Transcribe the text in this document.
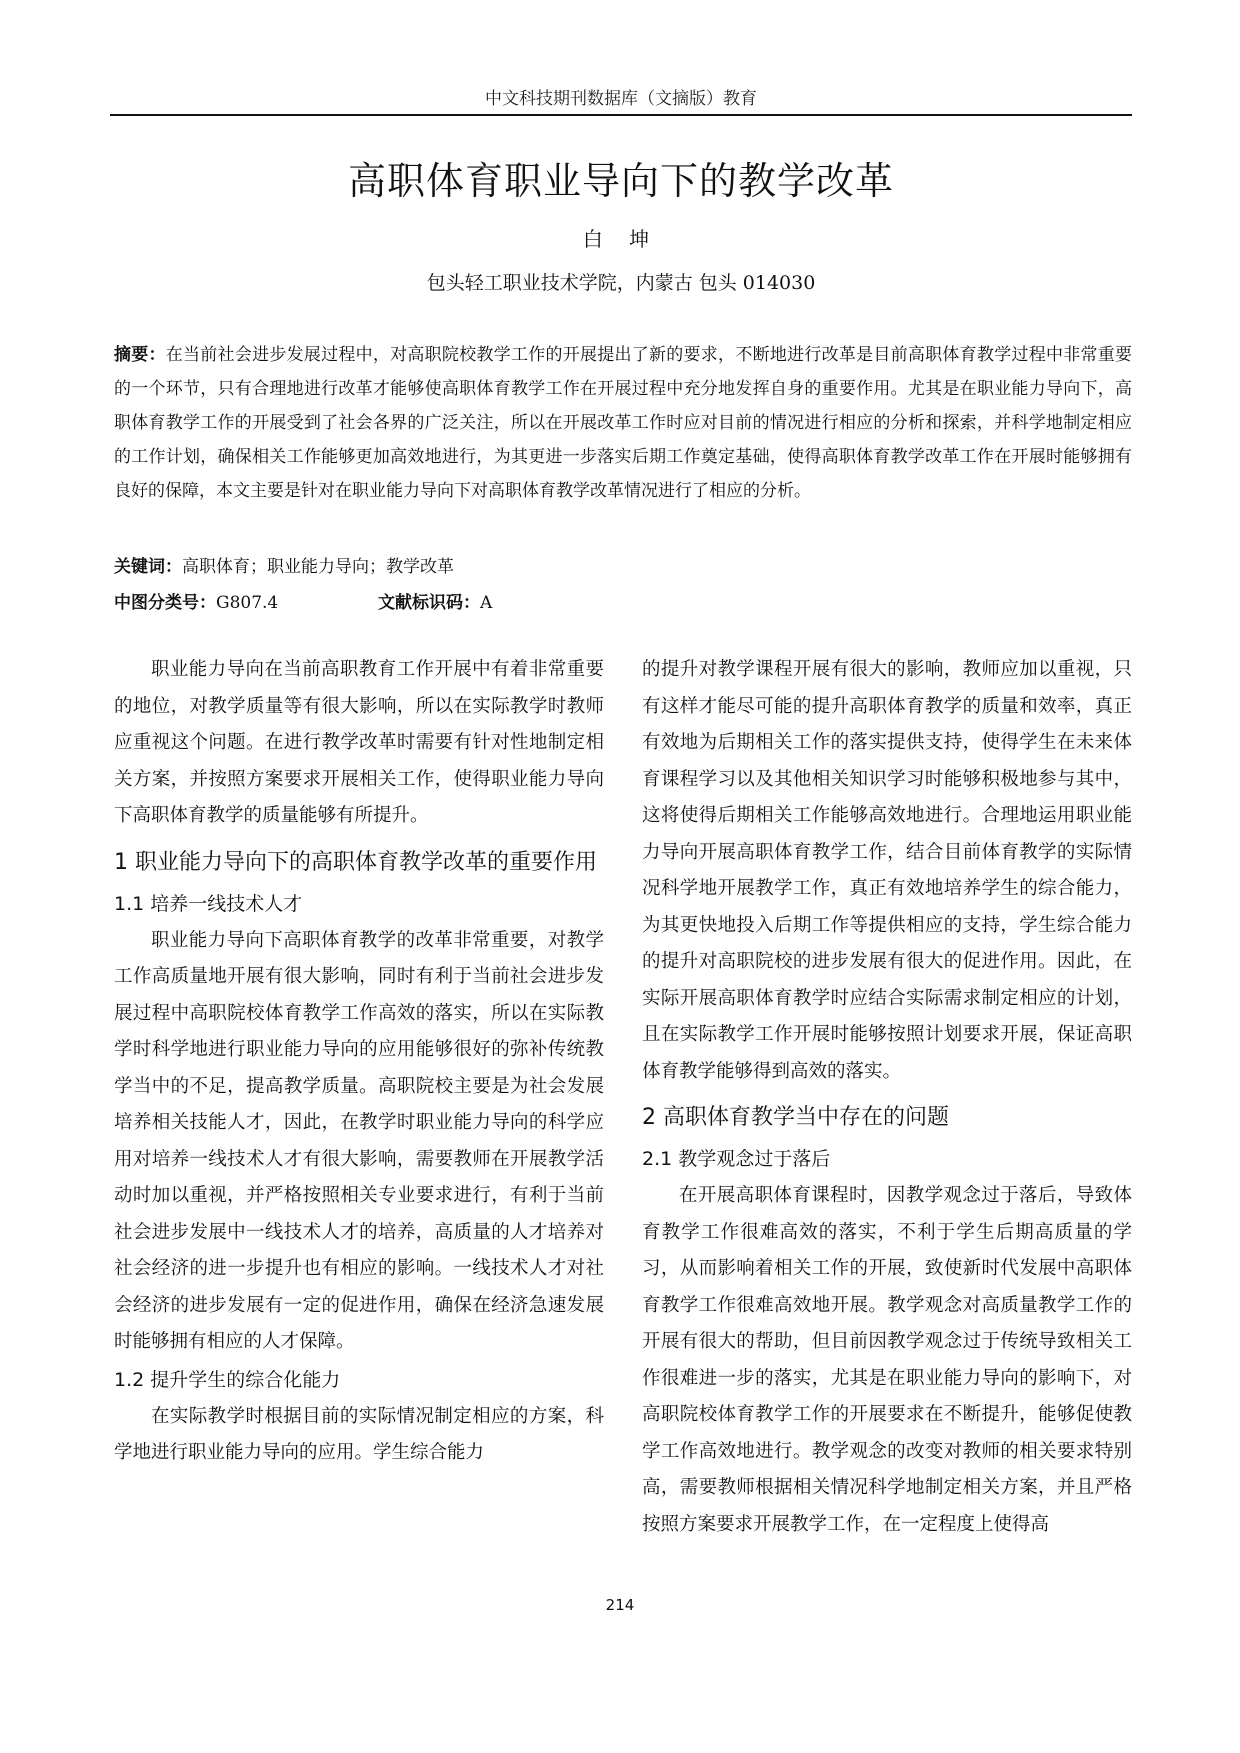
中文科技期刊数据库（文摘版）教育
高职体育职业导向下的教学改革
白 坤
包头轻工职业技术学院，内蒙古 包头 014030

摘要：在当前社会进步发展过程中，对高职院校教学工作的开展提出了新的要求，不断地进行改革是目前高职体育教学过程中非常重要的一个环节，只有合理地进行改革才能够使高职体育教学工作在开展过程中充分地发挥自身的重要作用。尤其是在职业能力导向下，高职体育教学工作的开展受到了社会各界的广泛关注，所以在开展改革工作时应对目前的情况进行相应的分析和探索，并科学地制定相应的工作计划，确保相关工作能够更加高效地进行，为其更进一步落实后期工作奠定基础，使得高职体育教学改革工作在开展时能够拥有良好的保障，本文主要是针对在职业能力导向下对高职体育教学改革情况进行了相应的分析。

关键词：高职体育；职业能力导向；教学改革
中图分类号：G807.4	文献标识码：A

职业能力导向在当前高职教育工作开展中有着非常重要的地位，对教学质量等有很大影响，所以在实际教学时教师应重视这个问题。在进行教学改革时需要有针对性地制定相关方案，并按照方案要求开展相关工作，使得职业能力导向下高职体育教学的质量能够有所提升。

1 职业能力导向下的高职体育教学改革的重要作用
1.1 培养一线技术人才

职业能力导向下高职体育教学的改革非常重要，对教学工作高质量地开展有很大影响，同时有利于当前社会进步发展过程中高职院校体育教学工作高效的落实，所以在实际教学时科学地进行职业能力导向的应用能够很好的弥补传统教学当中的不足，提高教学质量。高职院校主要是为社会发展培养相关技能人才，因此，在教学时职业能力导向的科学应用对培养一线技术人才有很大影响，需要教师在开展教学活动时加以重视，并严格按照相关专业要求进行，有利于当前社会进步发展中一线技术人才的培养，高质量的人才培养对社会经济的进一步提升也有相应的影响。一线技术人才对社会经济的进步发展有一定的促进作用，确保在经济急速发展时能够拥有相应的人才保障。

1.2 提升学生的综合化能力

在实际教学时根据目前的实际情况制定相应的方案，科学地进行职业能力导向的应用。学生综合能力

的提升对教学课程开展有很大的影响，教师应加以重视，只有这样才能尽可能的提升高职体育教学的质量和效率，真正有效地为后期相关工作的落实提供支持，使得学生在未来体育课程学习以及其他相关知识学习时能够积极地参与其中，这将使得后期相关工作能够高效地进行。合理地运用职业能力导向开展高职体育教学工作，结合目前体育教学的实际情况科学地开展教学工作，真正有效地培养学生的综合能力，为其更快地投入后期工作等提供相应的支持，学生综合能力的提升对高职院校的进步发展有很大的促进作用。因此，在实际开展高职体育教学时应结合实际需求制定相应的计划，且在实际教学工作开展时能够按照计划要求开展，保证高职体育教学能够得到高效的落实。

2 高职体育教学当中存在的问题
2.1 教学观念过于落后

在开展高职体育课程时，因教学观念过于落后，导致体育教学工作很难高效的落实，不利于学生后期高质量的学习，从而影响着相关工作的开展，致使新时代发展中高职体育教学工作很难高效地开展。教学观念对高质量教学工作的开展有很大的帮助，但目前因教学观念过于传统导致相关工作很难进一步的落实，尤其是在职业能力导向的影响下，对高职院校体育教学工作的开展要求在不断提升，能够促使教学工作高效地进行。教学观念的改变对教师的相关要求特别高，需要教师根据相关情况科学地制定相关方案，并且严格按照方案要求开展教学工作，在一定程度上使得高

214
